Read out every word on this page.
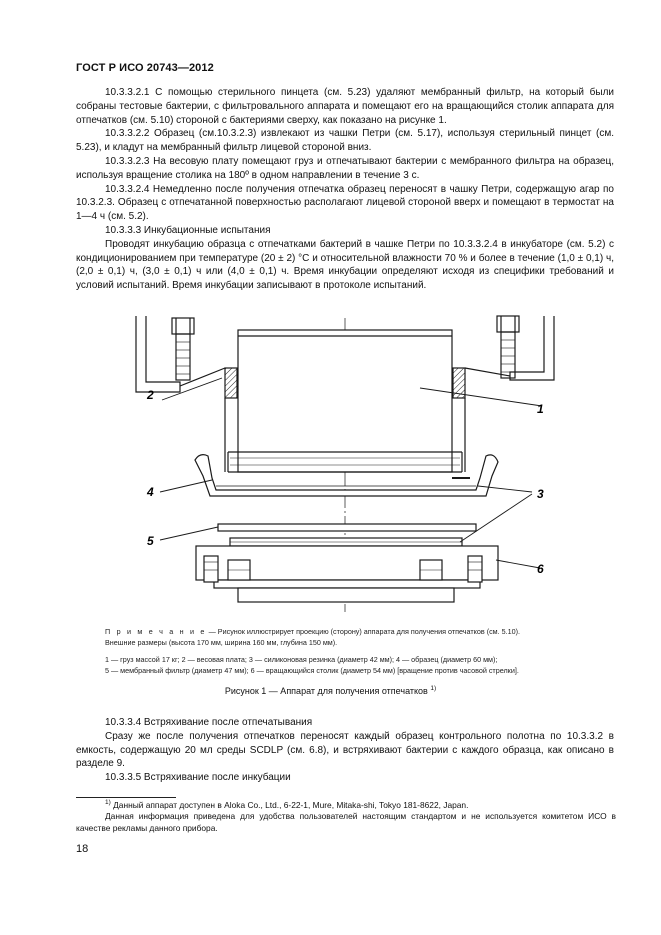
ГОСТ Р ИСО 20743—2012

10.3.3.2.1 С помощью стерильного пинцета (см. 5.23) удаляют мембранный фильтр, на который были собраны тестовые бактерии, с фильтровального аппарата и помещают его на вращающийся столик аппарата для отпечатков (см. 5.10) стороной с бактериями сверху, как показано на рисунке 1.

10.3.3.2.2 Образец (см.10.3.2.3) извлекают из чашки Петри (см. 5.17), используя стерильный пинцет (см. 5.23), и кладут на мембранный фильтр лицевой стороной вниз.

10.3.3.2.3 На весовую плату помещают груз и отпечатывают бактерии с мембранного фильтра на образец, используя вращение столика на 180º в одном направлении в течение 3 с.

10.3.3.2.4 Немедленно после получения отпечатка образец переносят в чашку Петри, содержащую агар по 10.3.2.3. Образец с отпечатанной поверхностью располагают лицевой стороной вверх и помещают в термостат на 1—4 ч (см. 5.2).

10.3.3.3 Инкубационные испытания

Проводят инкубацию образца с отпечатками бактерий в чашке Петри по 10.3.3.2.4 в инкубаторе (см. 5.2) с кондиционированием при температуре (20 ± 2) °С и относительной влажности 70 % и более в течение (1,0 ± 0,1) ч, (2,0 ± 0,1) ч, (3,0 ± 0,1) ч или (4,0 ± 0,1) ч. Время инкубации определяют исходя из специфики требований и условий испытаний. Время инкубации записывают в протоколе испытаний.

2
1
4	3
5
6

П р и м е ч а н и е — Рисунок иллюстрирует проекцию (сторону) аппарата для получения отпечатков (см. 5.10).

Внешние размеры (высота 170 мм, ширина 160 мм, глубина 150 мм).
1 — груз массой 17 кг; 2 — весовая плата; 3 — силиконовая резинка (диаметр 42 мм); 4 — образец (диаметр 60 мм);
5 — мембранный фильтр (диаметр 47 мм); 6 — вращающийся столик (диаметр 54 мм) [вращение против часовой стрелки].
Рисунок 1 — Аппарат для получения отпечатков $^{1)}$

10.3.3.4 Встряхивание после отпечатывания

Сразу же после получения отпечатков переносят каждый образец контрольного полотна по 10.3.3.2 в емкость, содержащую 20 мл среды SCDLP (см. 6.8), и встряхивают бактерии с каждого образца, как описано в разделе 9.

10.3.3.5 Встряхивание после инкубации

$^{1)}$ Данный аппарат доступен в Aloka Co., Ltd., 6-22-1, Mure, Mitaka-shi, Tokyo 181-8622, Japan.

Данная информация приведена для удобства пользователей настоящим стандартом и не используется комитетом ИСО в качестве рекламы данного прибора.

18
